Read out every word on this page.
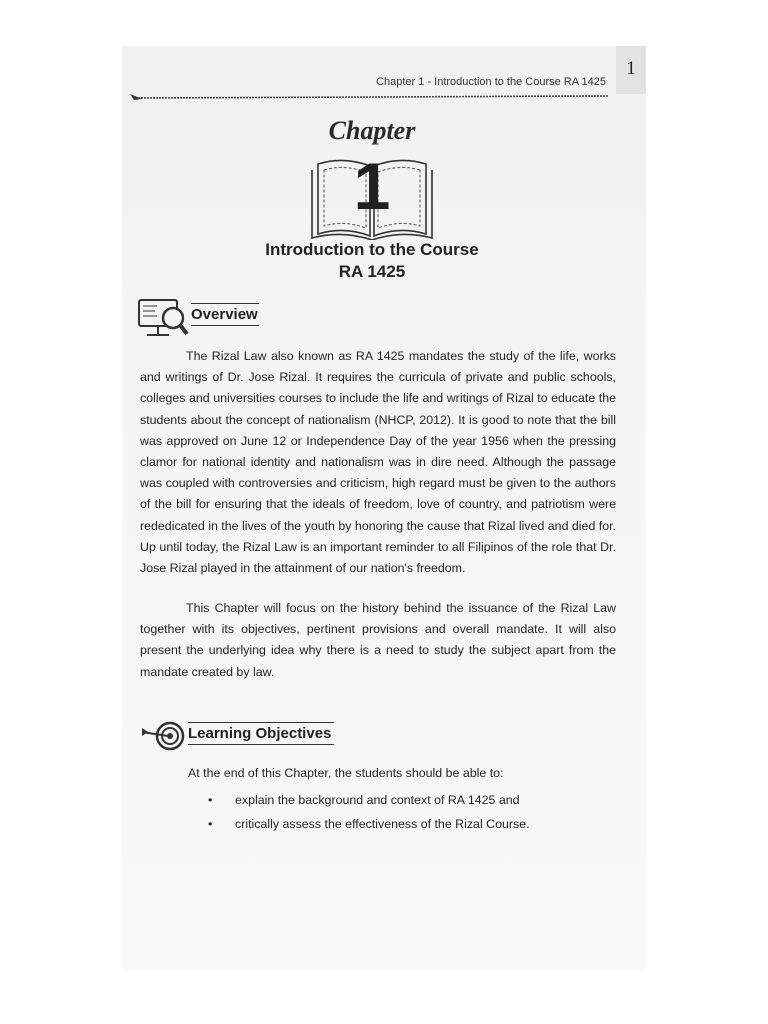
1
Chapter 1 - Introduction to the Course RA 1425
Chapter
1
Introduction to the Course
RA 1425
Overview

The Rizal Law also known as RA 1425 mandates the study of the life, works and writings of Dr. Jose Rizal. It requires the curricula of private and public schools, colleges and universities courses to include the life and writings of Rizal to educate the students about the concept of nationalism (NHCP, 2012). It is good to note that the bill was approved on June 12 or Independence Day of the year 1956 when the pressing clamor for national identity and nationalism was in dire need. Although the passage was coupled with controversies and criticism, high regard must be given to the authors of the bill for ensuring that the ideals of freedom, love of country, and patriotism were rededicated in the lives of the youth by honoring the cause that Rizal lived and died for. Up until today, the Rizal Law is an important reminder to all Filipinos of the role that Dr. Jose Rizal played in the attainment of our nation's freedom.

This Chapter will focus on the history behind the issuance of the Rizal Law together with its objectives, pertinent provisions and overall mandate. It will also present the underlying idea why there is a need to study the subject apart from the mandate created by law.

Learning Objectives
At the end of this Chapter, the students should be able to:
• explain the background and context of RA 1425 and
• critically assess the effectiveness of the Rizal Course.
